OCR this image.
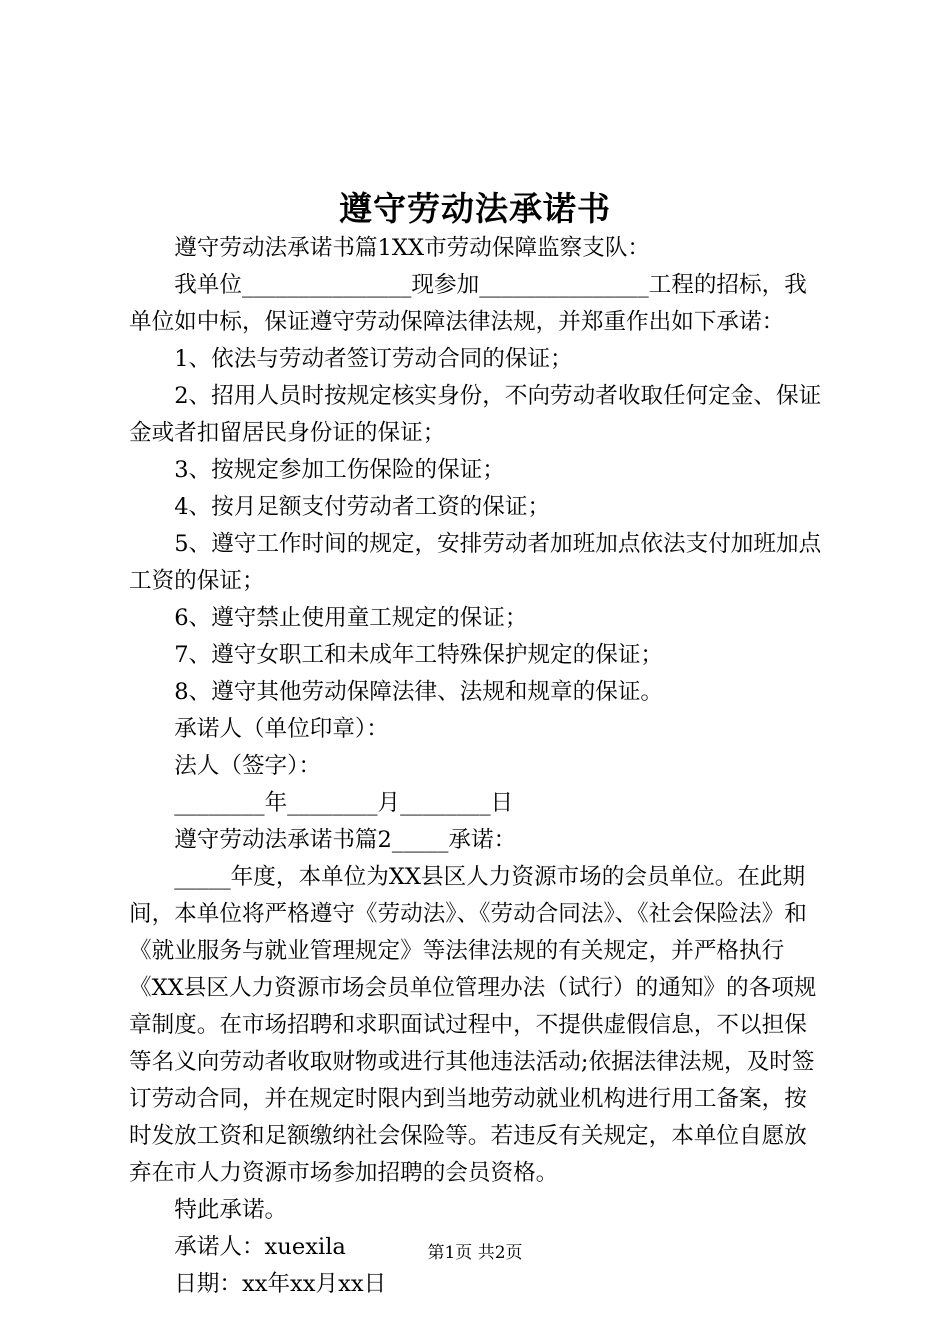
遵守劳动法承诺书

遵守劳动法承诺书篇1XX市劳动保障监察支队：

我单位_______________现参加_______________工程的招标，我单位如中标，保证遵守劳动保障法律法规，并郑重作出如下承诺：

1、依法与劳动者签订劳动合同的保证；

2、招用人员时按规定核实身份，不向劳动者收取任何定金、保证金或者扣留居民身份证的保证；

3、按规定参加工伤保险的保证；

4、按月足额支付劳动者工资的保证；

5、遵守工作时间的规定，安排劳动者加班加点依法支付加班加点工资的保证；

6、遵守禁止使用童工规定的保证；

7、遵守女职工和未成年工特殊保护规定的保证；

8、遵守其他劳动保障法律、法规和规章的保证。

承诺人（单位印章）：

法人（签字）：

________年________月________日

遵守劳动法承诺书篇2_____承诺：

_____年度，本单位为XX县区人力资源市场的会员单位。在此期间，本单位将严格遵守《劳动法》、《劳动合同法》、《社会保险法》和《就业服务与就业管理规定》等法律法规的有关规定，并严格执行《XX县区人力资源市场会员单位管理办法（试行）的通知》的各项规章制度。在市场招聘和求职面试过程中，不提供虚假信息，不以担保等名义向劳动者收取财物或进行其他违法活动;依据法律法规，及时签订劳动合同，并在规定时限内到当地劳动就业机构进行用工备案，按时发放工资和足额缴纳社会保险等。若违反有关规定，本单位自愿放弃在市人力资源市场参加招聘的会员资格。

特此承诺。

承诺人：xuexila

日期：xx年xx月xx日

第1页 共2页
